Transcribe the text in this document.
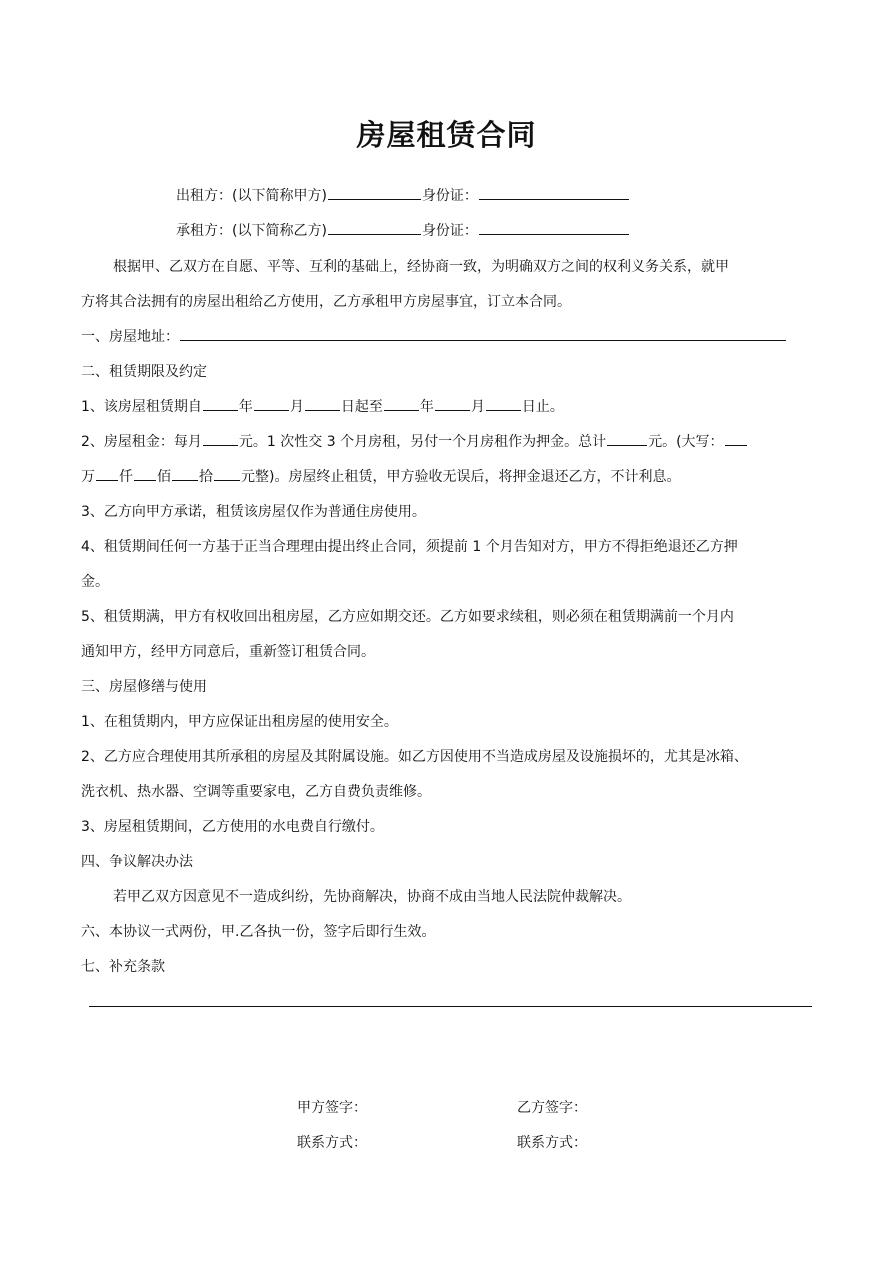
房屋租赁合同
出租方：(以下简称甲方)	身份证：
承租方：(以下简称乙方)	身份证：
根据甲、乙双方在自愿、平等、互利的基础上，经协商一致，为明确双方之间的权利义务关系，就甲
方将其合法拥有的房屋出租给乙方使用，乙方承租甲方房屋事宜，订立本合同。
一、房屋地址：
二、租赁期限及约定
1、该房屋租赁期自	年	月	日起至	年	月	日止。
2、房屋租金：每月	元。1 次性交 3 个月房租，另付一个月房租作为押金。总计	元。(大写：
万 仟 佰 拾 元整)。房屋终止租赁，甲方验收无误后，将押金退还乙方，不计利息。
3、乙方向甲方承诺，租赁该房屋仅作为普通住房使用。
4、租赁期间任何一方基于正当合理理由提出终止合同，须提前 1 个月告知对方，甲方不得拒绝退还乙方押
金。
5、租赁期满，甲方有权收回出租房屋，乙方应如期交还。乙方如要求续租，则必须在租赁期满前一个月内
通知甲方，经甲方同意后，重新签订租赁合同。
三、房屋修缮与使用
1、在租赁期内，甲方应保证出租房屋的使用安全。
2、乙方应合理使用其所承租的房屋及其附属设施。如乙方因使用不当造成房屋及设施损坏的，尤其是冰箱、
洗衣机、热水器、空调等重要家电，乙方自费负责维修。
3、房屋租赁期间，乙方使用的水电费自行缴付。
四、争议解决办法
若甲乙双方因意见不一造成纠纷，先协商解决，协商不成由当地人民法院仲裁解决。
六、本协议一式两份，甲.乙各执一份，签字后即行生效。
七、补充条款
甲方签字：	乙方签字：
联系方式：	联系方式：
